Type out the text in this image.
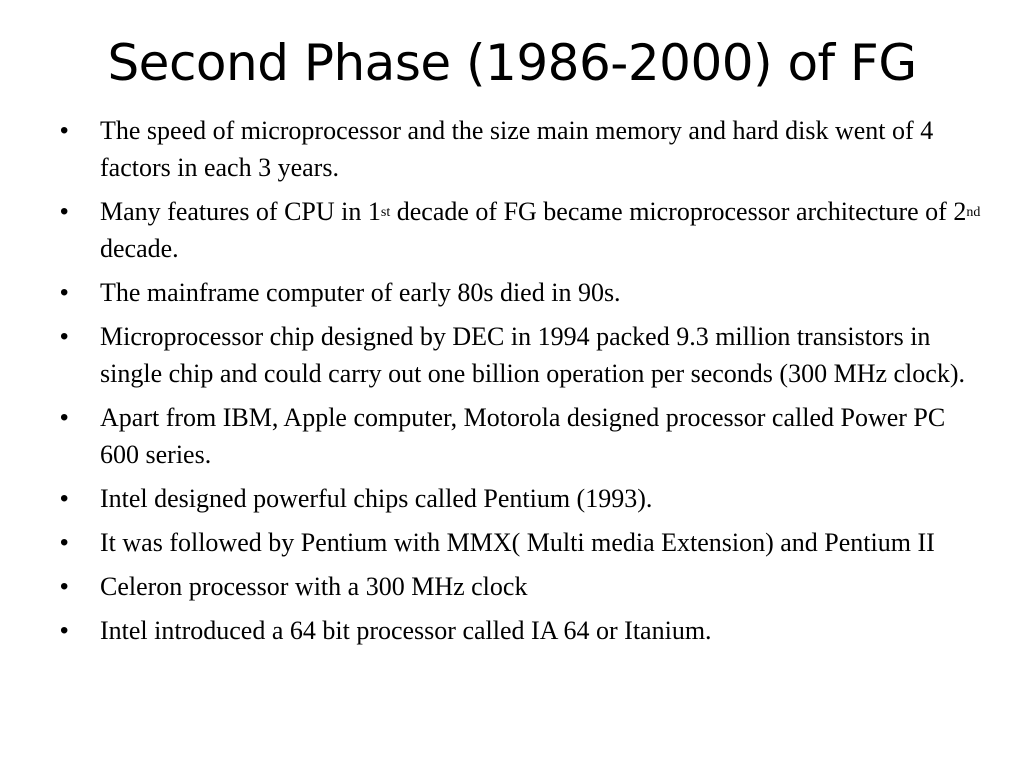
Second Phase (1986-2000) of FG
• The speed of microprocessor and the size main memory and hard disk went of 4 factors in each 3 years.
• Many features of CPU in 1st decade of FG became microprocessor architecture of 2nd decade.
• The mainframe computer of early 80s died in 90s.
• Microprocessor chip designed by DEC in 1994 packed 9.3 million transistors in single chip and could carry out one billion operation per seconds (300 MHz clock).
• Apart from IBM, Apple computer, Motorola designed processor called Power PC 600 series.
• Intel designed powerful chips called Pentium (1993).
• It was followed by Pentium with MMX( Multi media Extension) and Pentium II
• Celeron processor with a 300 MHz clock
• Intel introduced a 64 bit processor called IA 64 or Itanium.
